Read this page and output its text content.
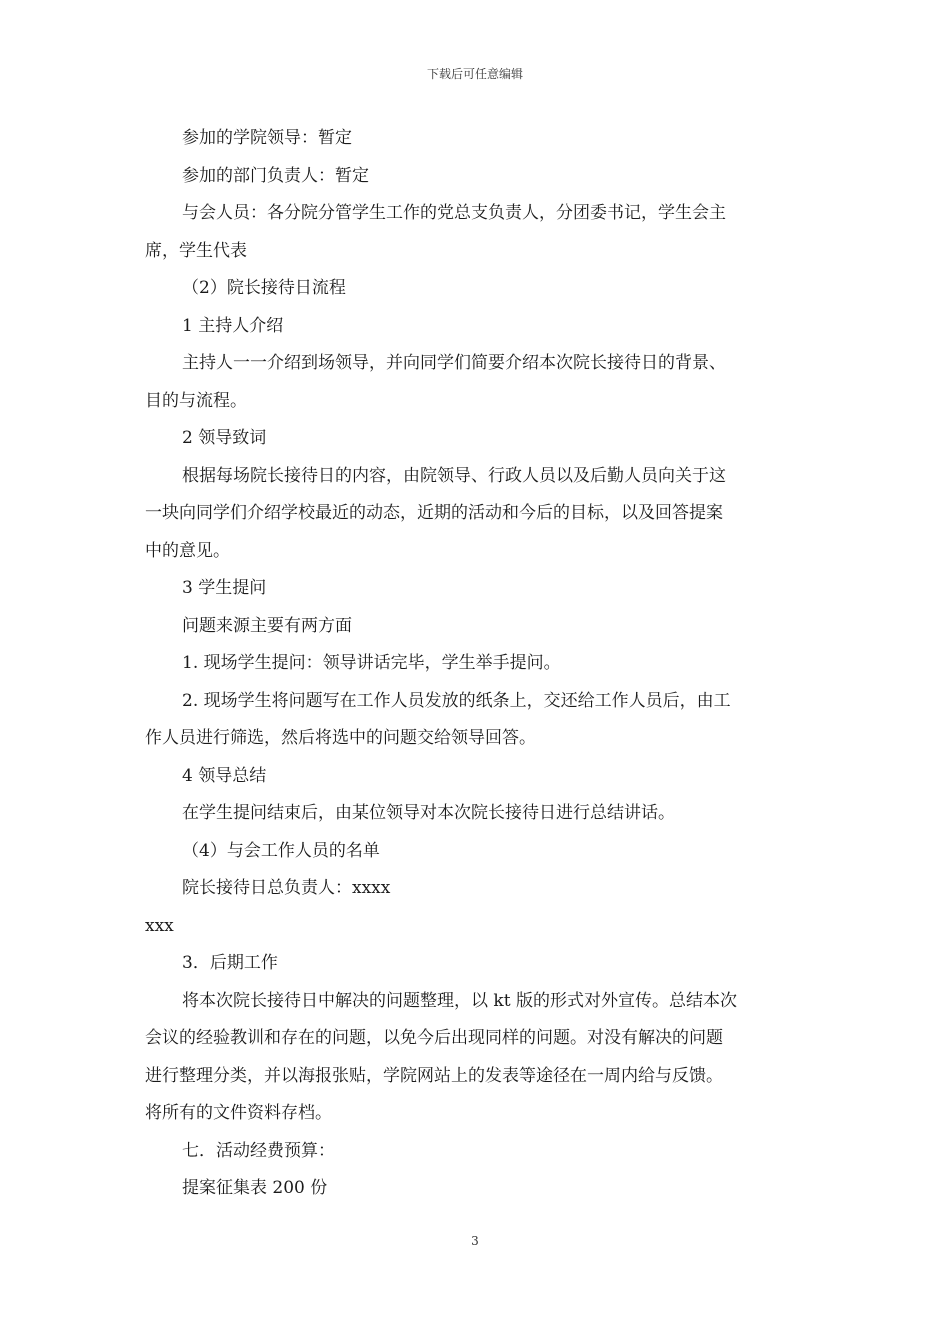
下载后可任意编辑

参加的学院领导：暂定

参加的部门负责人：暂定

与会人员：各分院分管学生工作的党总支负责人，分团委书记，学生会主

席，学生代表

（2）院长接待日流程

1 主持人介绍

主持人一一介绍到场领导，并向同学们简要介绍本次院长接待日的背景、

目的与流程。

2 领导致词

根据每场院长接待日的内容，由院领导、行政人员以及后勤人员向关于这

一块向同学们介绍学校最近的动态，近期的活动和今后的目标，以及回答提案

中的意见。

3 学生提问

问题来源主要有两方面

1. 现场学生提问：领导讲话完毕，学生举手提问。

2. 现场学生将问题写在工作人员发放的纸条上，交还给工作人员后，由工

作人员进行筛选，然后将选中的问题交给领导回答。

4 领导总结

在学生提问结束后，由某位领导对本次院长接待日进行总结讲话。

（4）与会工作人员的名单

院长接待日总负责人：xxxx

xxx

3．后期工作

将本次院长接待日中解决的问题整理，以 kt 版的形式对外宣传。总结本次

会议的经验教训和存在的问题，以免今后出现同样的问题。对没有解决的问题

进行整理分类，并以海报张贴，学院网站上的发表等途径在一周内给与反馈。

将所有的文件资料存档。

七．活动经费预算：

提案征集表 200 份

3
